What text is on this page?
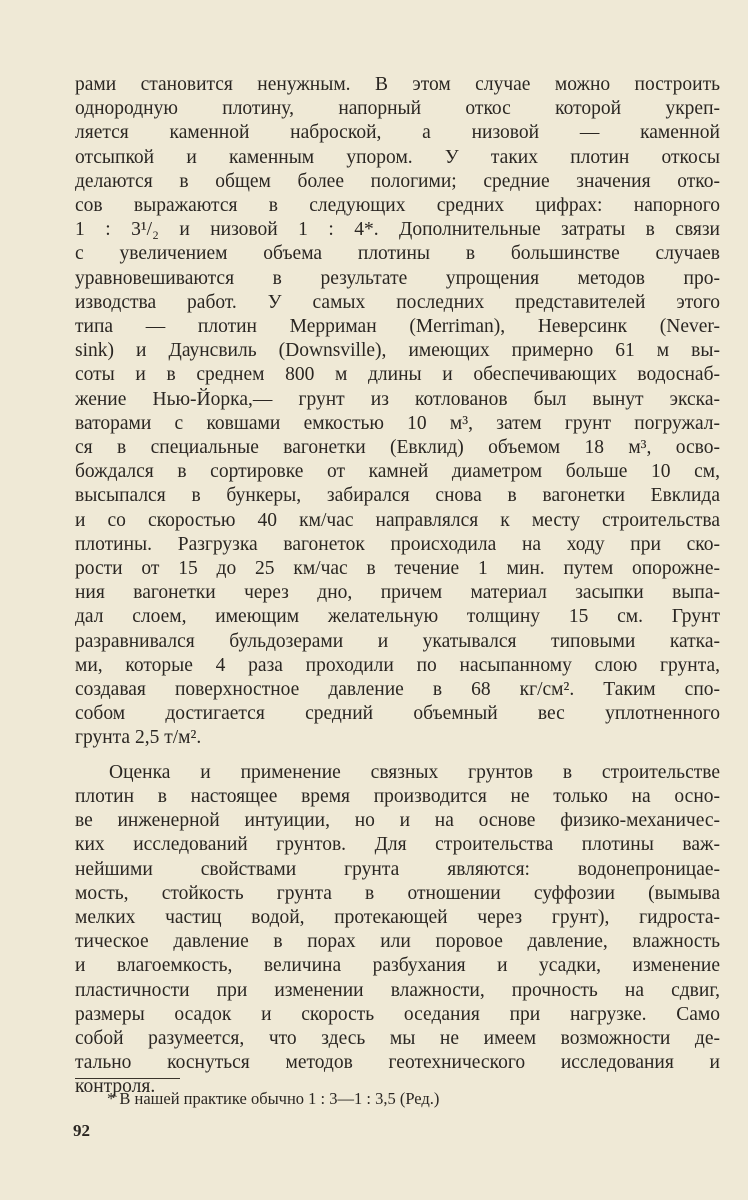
рами становится ненужным. В этом случае можно построить
однородную плотину, напорный откос которой укреп-
ляется каменной наброской, а низовой — каменной
отсыпкой и каменным упором. У таких плотин откосы
делаются в общем более пологими; средние значения отко-
сов выражаются в следующих средних цифрах: напорного
1 : 3¹/₂ и низовой 1 : 4*. Дополнительные затраты в связи
с увеличением объема плотины в большинстве случаев
уравновешиваются в результате упрощения методов про-
изводства работ. У самых последних представителей этого
типа — плотин Мерриман (Merriman), Неверсинк (Never-
sink) и Даунсвиль (Downsville), имеющих примерно 61 м вы-
соты и в среднем 800 м длины и обеспечивающих водоснаб-
жение Нью-Йорка,— грунт из котлованов был вынут экска-
ваторами с ковшами емкостью 10 м³, затем грунт погружал-
ся в специальные вагонетки (Евклид) объемом 18 м³, осво-
бождался в сортировке от камней диаметром больше 10 см,
высыпался в бункеры, забирался снова в вагонетки Евклида
и со скоростью 40 км/час направлялся к месту строительства
плотины. Разгрузка вагонеток происходила на ходу при ско-
рости от 15 до 25 км/час в течение 1 мин. путем опорожне-
ния вагонетки через дно, причем материал засыпки выпа-
дал слоем, имеющим желательную толщину 15 см. Грунт
разравнивался бульдозерами и укатывался типовыми катка-
ми, которые 4 раза проходили по насыпанному слою грунта,
создавая поверхностное давление в 68 кг/см². Таким спо-
собом достигается средний объемный вес уплотненного
грунта 2,5 т/м².
Оценка и применение связных грунтов в строительстве
плотин в настоящее время производится не только на осно-
ве инженерной интуиции, но и на основе физико-механичес-
ких исследований грунтов. Для строительства плотины важ-
нейшими свойствами грунта являются: водонепроницае-
мость, стойкость грунта в отношении суффозии (вымыва
мелких частиц водой, протекающей через грунт), гидроста-
тическое давление в порах или поровое давление, влажность
и влагоемкость, величина разбухания и усадки, изменение
пластичности при изменении влажности, прочность на сдвиг,
размеры осадок и скорость оседания при нагрузке. Само
собой разумеется, что здесь мы не имеем возможности де-
тально коснуться методов геотехнического исследования и
контроля.
* В нашей практике обычно 1 : 3—1 : 3,5 (Ред.)
92
